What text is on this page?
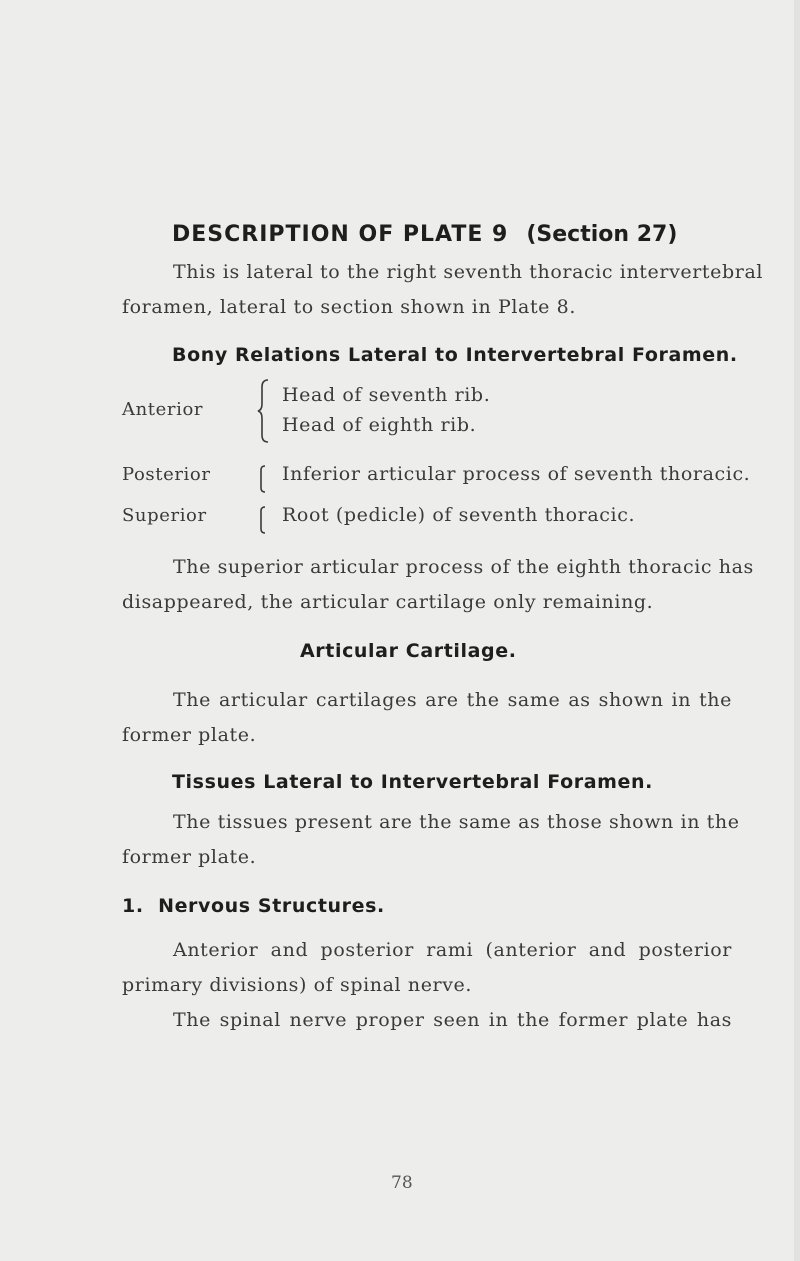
DESCRIPTION OF PLATE 9 (Section 27)
This is lateral to the right seventh thoracic intervertebral
foramen, lateral to section shown in Plate 8.
Bony Relations Lateral to Intervertebral Foramen.
Anterior
Head of seventh rib.
Head of eighth rib.
Posterior	Inferior articular process of seventh thoracic.
Superior	Root (pedicle) of seventh thoracic.
The superior articular process of the eighth thoracic has
disappeared, the articular cartilage only remaining.
Articular Cartilage.
The articular cartilages are the same as shown in the
former plate.
Tissues Lateral to Intervertebral Foramen.
The tissues present are the same as those shown in the
former plate.
1.  Nervous Structures.
Anterior and posterior rami (anterior and posterior
primary divisions) of spinal nerve.
The spinal nerve proper seen in the former plate has
78
